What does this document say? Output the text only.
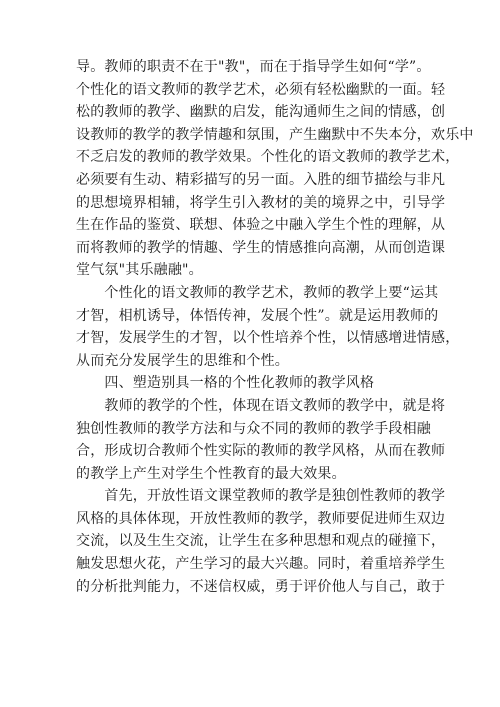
导。教师的职责不在于"教"，而在于指导学生如何“学”。
个性化的语文教师的教学艺术，必须有轻松幽默的一面。轻
松的教师的教学、幽默的启发，能沟通师生之间的情感，创
设教师的教学的教学情趣和氛围，产生幽默中不失本分，欢乐中
不乏启发的教师的教学效果。个性化的语文教师的教学艺术，
必须要有生动、精彩描写的另一面。入胜的细节描绘与非凡
的思想境界相辅，将学生引入教材的美的境界之中，引导学
生在作品的鉴赏、联想、体验之中融入学生个性的理解，从
而将教师的教学的情趣、学生的情感推向高潮，从而创造课
堂气氛"其乐融融"。
　　个性化的语文教师的教学艺术，教师的教学上要“运其
才智，相机诱导，体悟传神，发展个性”。就是运用教师的
才智，发展学生的才智，以个性培养个性，以情感增进情感，
从而充分发展学生的思维和个性。
　　四、塑造别具一格的个性化教师的教学风格
　　教师的教学的个性，体现在语文教师的教学中，就是将
独创性教师的教学方法和与众不同的教师的教学手段相融
合，形成切合教师个性实际的教师的教学风格，从而在教师
的教学上产生对学生个性教育的最大效果。
　　首先，开放性语文课堂教师的教学是独创性教师的教学
风格的具体体现，开放性教师的教学，教师要促进师生双边
交流，以及生生交流，让学生在多种思想和观点的碰撞下，
触发思想火花，产生学习的最大兴趣。同时，着重培养学生
的分析批判能力，不迷信权威，勇于评价他人与自己，敢于
